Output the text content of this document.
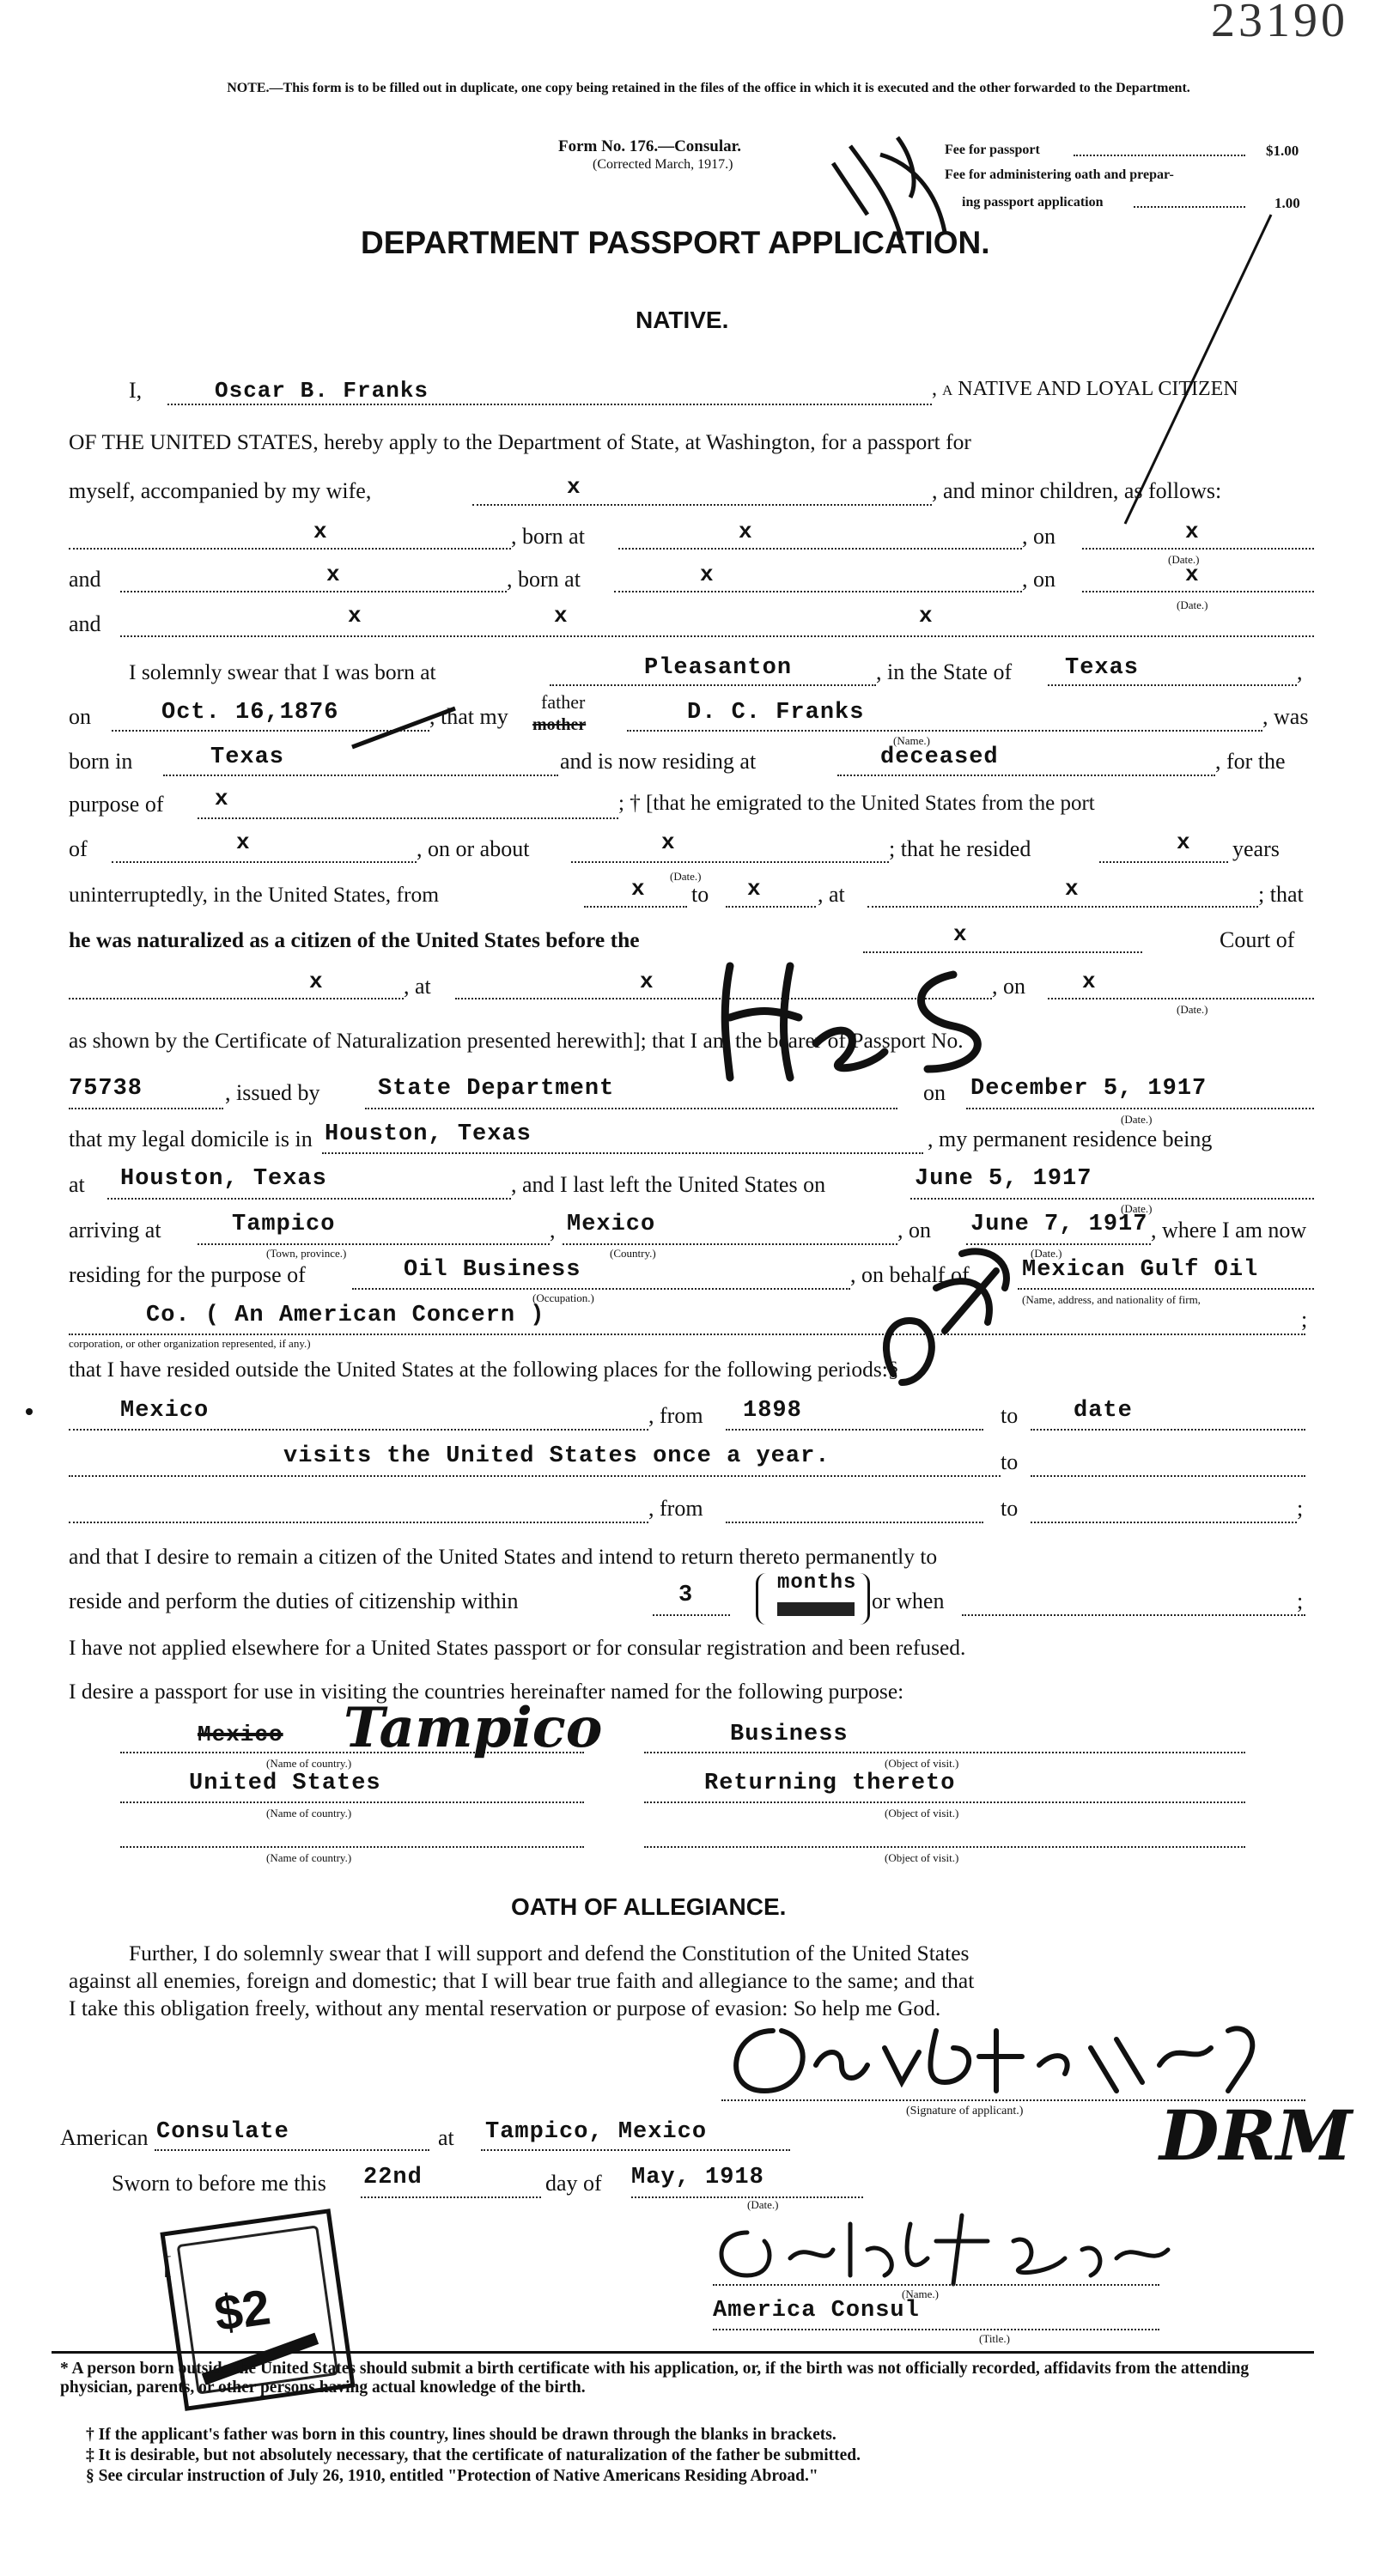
23190
NOTE.—This form is to be filled out in duplicate, one copy being retained in the files of the office in which it is executed and the other forwarded to the Department.
Form No. 176.—Consular.
(Corrected March, 1917.)
Fee for passport	$1.00
Fee for administering oath and prepar-
ing passport application	1.00
DEPARTMENT PASSPORT APPLICATION.
NATIVE.
I,	Oscar B. Franks	, a NATIVE AND LOYAL CITIZEN
OF THE UNITED STATES, hereby apply to the Department of State, at Washington, for a passport for
myself, accompanied by my wife,	x	, and minor children, as follows:
x	, born at	x	, on	x
(Date.)
and	x	, born at	x	, on	x
(Date.)
and	x	x	x
I solemnly swear that I was born at	Pleasanton	, in the State of Texas	,
on	Oct. 16,1876	, that my
father
mother	D. C. Franks
(Name.)
, was
born in	Texas	and is now residing at	deceased	, for the
purpose of x	; † [that he emigrated to the United States from the port
of	x	, on or about	x
(Date.)
; that he resided	x years
uninterruptedly, in the United States, from	x to x	, at	x	; that
he was naturalized as a citizen of the United States before the	x	Court of
x	, at	x	, on	x
(Date.)
as shown by the Certificate of Naturalization presented herewith]; that I am the bearer of Passport No.
75738	, issued by	State Department	on December 5, 1917
(Date.)
that my legal domicile is in Houston, Texas	, my permanent residence being
at Houston, Texas	, and I last left the United States on	June 5, 1917
(Date.)
arriving at	Tampico
(Town, province.)
, Mexico
(Country.)
, on June 7, 1917
(Date.)
, where I am now
residing for the purpose of	Oil Business
(Occupation.)
, on behalf of Mexican Gulf Oil
(Name, address, and nationality of firm,
Co. ( An American Concern )	;
corporation, or other organization represented, if any.)
that I have resided outside the United States at the following places for the following periods:§
Mexico	, from 1898	to date
visits the United States once a year.	to
, from	to	;
and that I desire to remain a citizen of the United States and intend to return thereto permanently to
reside and perform the duties of citizenship within	3	months
or when	;
I have not applied elsewhere for a United States passport or for consular registration and been refused.
I desire a passport for use in visiting the countries hereinafter named for the following purpose:
Mexico Tampico
(Name of country.)
Business
(Object of visit.)
United States
(Name of country.)
Returning thereto
(Object of visit.)
(Name of country.)	(Object of visit.)
OATH OF ALLEGIANCE.
Further, I do solemnly swear that I will support and defend the Constitution of the United States
against all enemies, foreign and domestic; that I will bear true faith and allegiance to the same; and that
I take this obligation freely, without any mental reservation or purpose of evasion: So help me God.
(Signature of applicant.) DRM
American Consulate	at Tampico, Mexico
Sworn to before me this 22nd	day of May, 1918
(Date.)
$2
[
(Name.)
America Consul
(Title.)
* A person born outside the United States should submit a birth certificate with his application, or, if the birth was not officially recorded, affidavits from the attending physician, parents, or other persons having actual knowledge of the birth.
† If the applicant's father was born in this country, lines should be drawn through the blanks in brackets.
‡ It is desirable, but not absolutely necessary, that the certificate of naturalization of the father be submitted.
§ See circular instruction of July 26, 1910, entitled "Protection of Native Americans Residing Abroad."
